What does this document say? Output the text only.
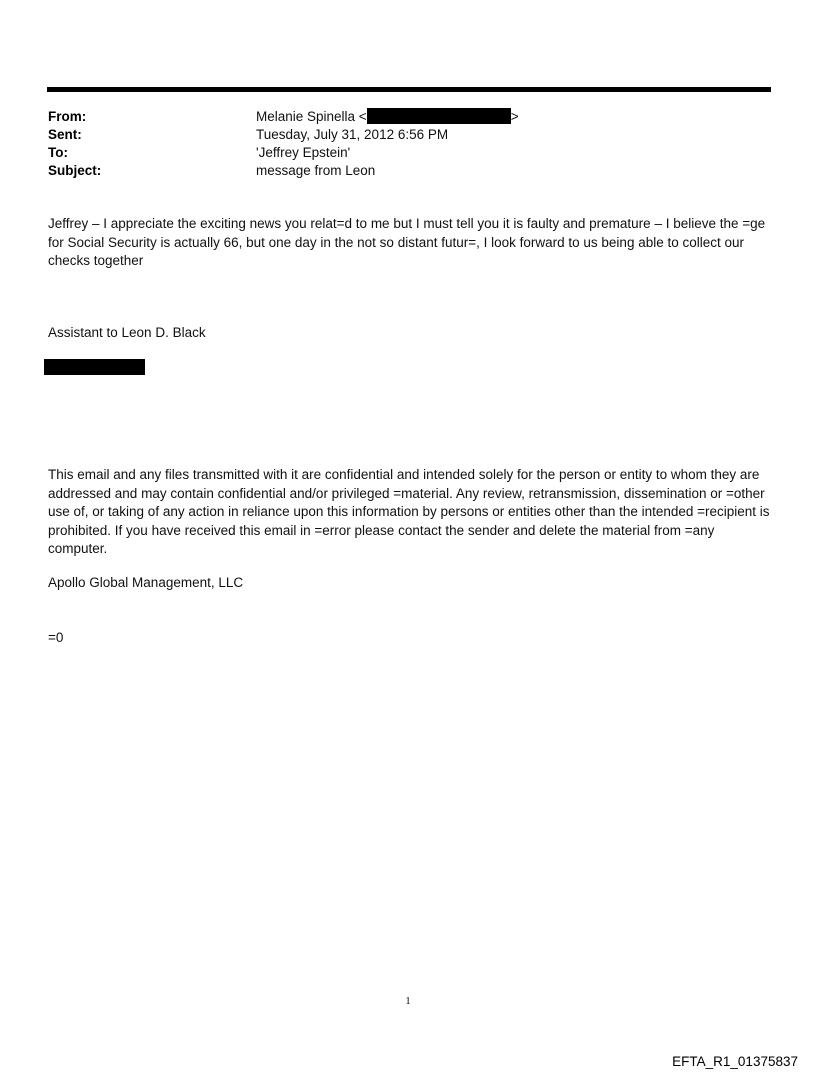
From:	Melanie Spinella <	>
Sent:	Tuesday, July 31, 2012 6:56 PM
To:	'Jeffrey Epstein'
Subject:	message from Leon

Jeffrey – I appreciate the exciting news you relat=d to me but I must tell you it is faulty and premature – I believe the =ge for Social Security is actually 66, but one day in the not so distant futur=, I look forward to us being able to collect our checks together

Assistant to Leon D. Black

This email and any files transmitted with it are confidential and intended solely for the person or entity to whom they are addressed and may contain confidential and/or privileged =material. Any review, retransmission, dissemination or =other use of, or taking of any action in reliance upon this information by persons or entities other than the intended =recipient is prohibited. If you have received this email in =error please contact the sender and delete the material from =any computer.

Apollo Global Management, LLC

=0

1
EFTA_R1_01375837
